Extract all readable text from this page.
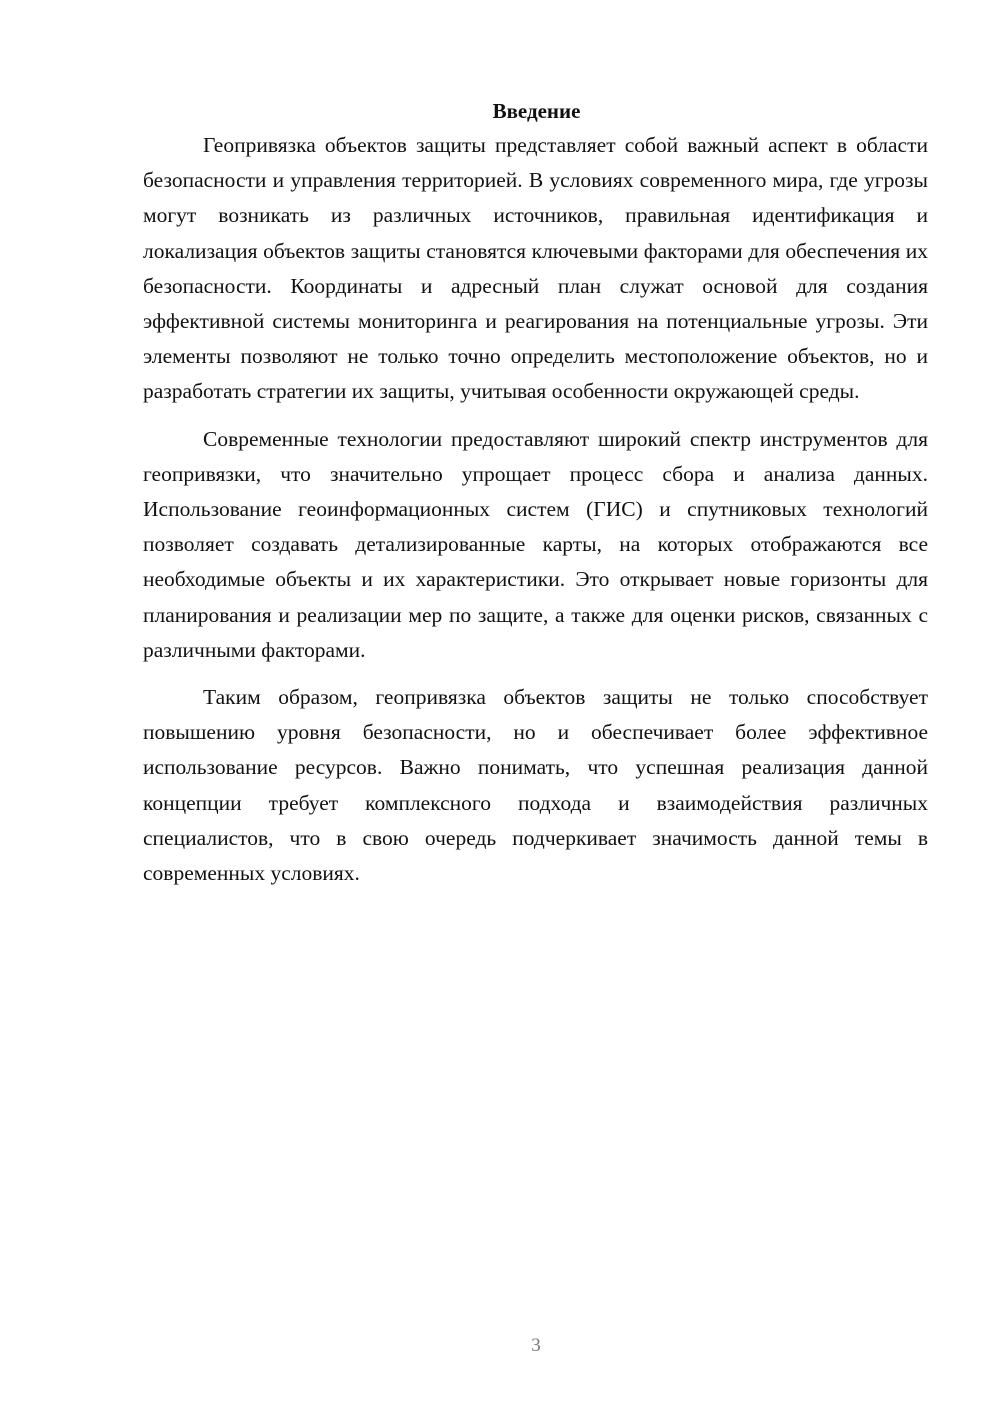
Введение

Геопривязка объектов защиты представляет собой важный аспект в области безопасности и управления территорией. В условиях современного мира, где угрозы могут возникать из различных источников, правильная идентификация и локализация объектов защиты становятся ключевыми факторами для обеспечения их безопасности. Координаты и адресный план служат основой для создания эффективной системы мониторинга и реагирования на потенциальные угрозы. Эти элементы позволяют не только точно определить местоположение объектов, но и разработать стратегии их защиты, учитывая особенности окружающей среды.

Современные технологии предоставляют широкий спектр инструментов для геопривязки, что значительно упрощает процесс сбора и анализа данных. Использование геоинформационных систем (ГИС) и спутниковых технологий позволяет создавать детализированные карты, на которых отображаются все необходимые объекты и их характеристики. Это открывает новые горизонты для планирования и реализации мер по защите, а также для оценки рисков, связанных с различными факторами.

Таким образом, геопривязка объектов защиты не только способствует повышению уровня безопасности, но и обеспечивает более эффективное использование ресурсов. Важно понимать, что успешная реализация данной концепции требует комплексного подхода и взаимодействия различных специалистов, что в свою очередь подчеркивает значимость данной темы в современных условиях.

3
